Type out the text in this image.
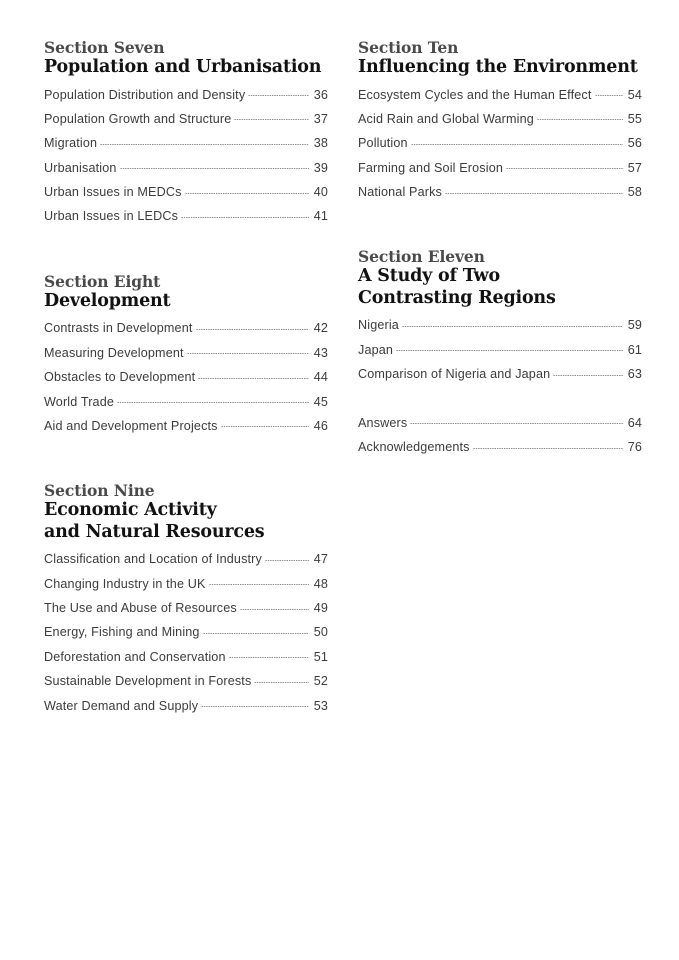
Section Seven
Population and Urbanisation
Population Distribution and Density	36
Population Growth and Structure	37
Migration	38
Urbanisation	39
Urban Issues in MEDCs	40
Urban Issues in LEDCs	41
Section Eight
Development
Contrasts in Development	42
Measuring Development	43
Obstacles to Development	44
World Trade	45
Aid and Development Projects	46
Section Nine
Economic Activity
and Natural Resources
Classification and Location of Industry	47
Changing Industry in the UK	48
The Use and Abuse of Resources	49
Energy, Fishing and Mining	50
Deforestation and Conservation	51
Sustainable Development in Forests	52
Water Demand and Supply	53
Section Ten
Influencing the Environment
Ecosystem Cycles and the Human Effect	54
Acid Rain and Global Warming	55
Pollution	56
Farming and Soil Erosion	57
National Parks	58
Section Eleven
A Study of Two
Contrasting Regions
Nigeria	59
Japan	61
Comparison of Nigeria and Japan	63
Answers	64
Acknowledgements	76
